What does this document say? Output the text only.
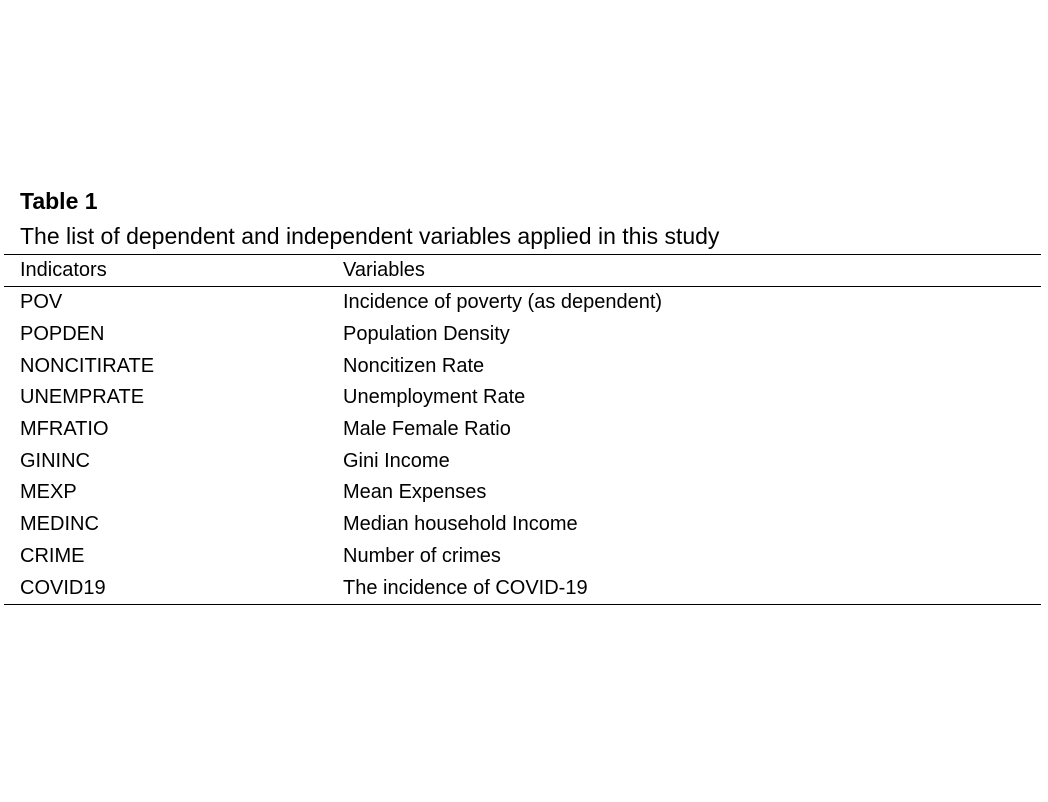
Table 1
The list of dependent and independent variables applied in this study
Indicators	Variables
POV	Incidence of poverty (as dependent)
POPDEN	Population Density
NONCITIRATE	Noncitizen Rate
UNEMPRATE	Unemployment Rate
MFRATIO	Male Female Ratio
GININC	Gini Income
MEXP	Mean Expenses
MEDINC	Median household Income
CRIME	Number of crimes
COVID19	The incidence of COVID-19
